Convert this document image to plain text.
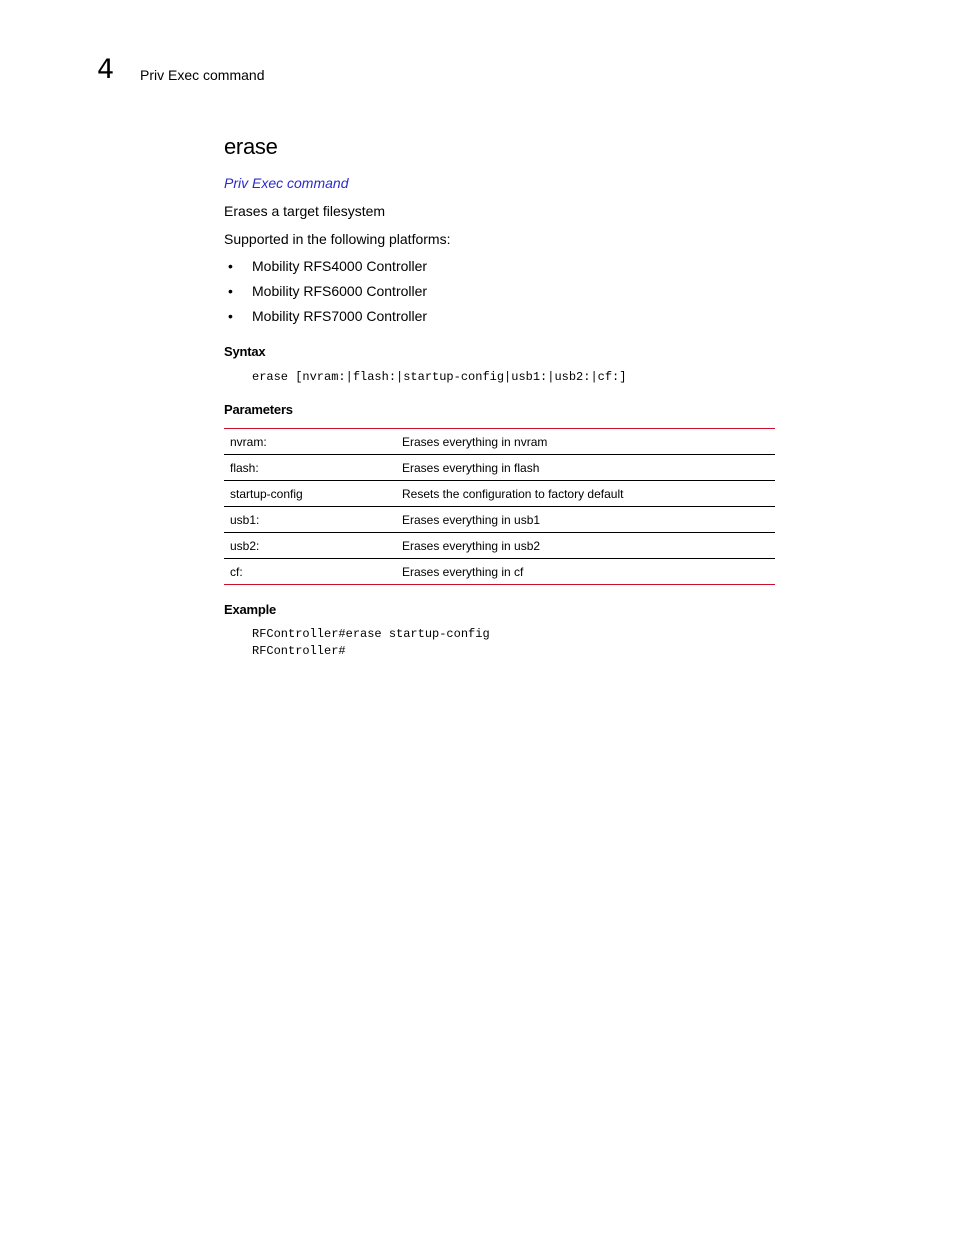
4 Priv Exec command
erase
Priv Exec command
Erases a target filesystem
Supported in the following platforms:
• Mobility RFS4000 Controller
• Mobility RFS6000 Controller
• Mobility RFS7000 Controller
Syntax
erase [nvram:|flash:|startup-config|usb1:|usb2:|cf:]
Parameters
nvram:	Erases everything in nvram
flash:	Erases everything in flash
startup-config	Resets the configuration to factory default
usb1:	Erases everything in usb1
usb2:	Erases everything in usb2
cf:	Erases everything in cf
Example
RFController#erase startup-config
RFController#
